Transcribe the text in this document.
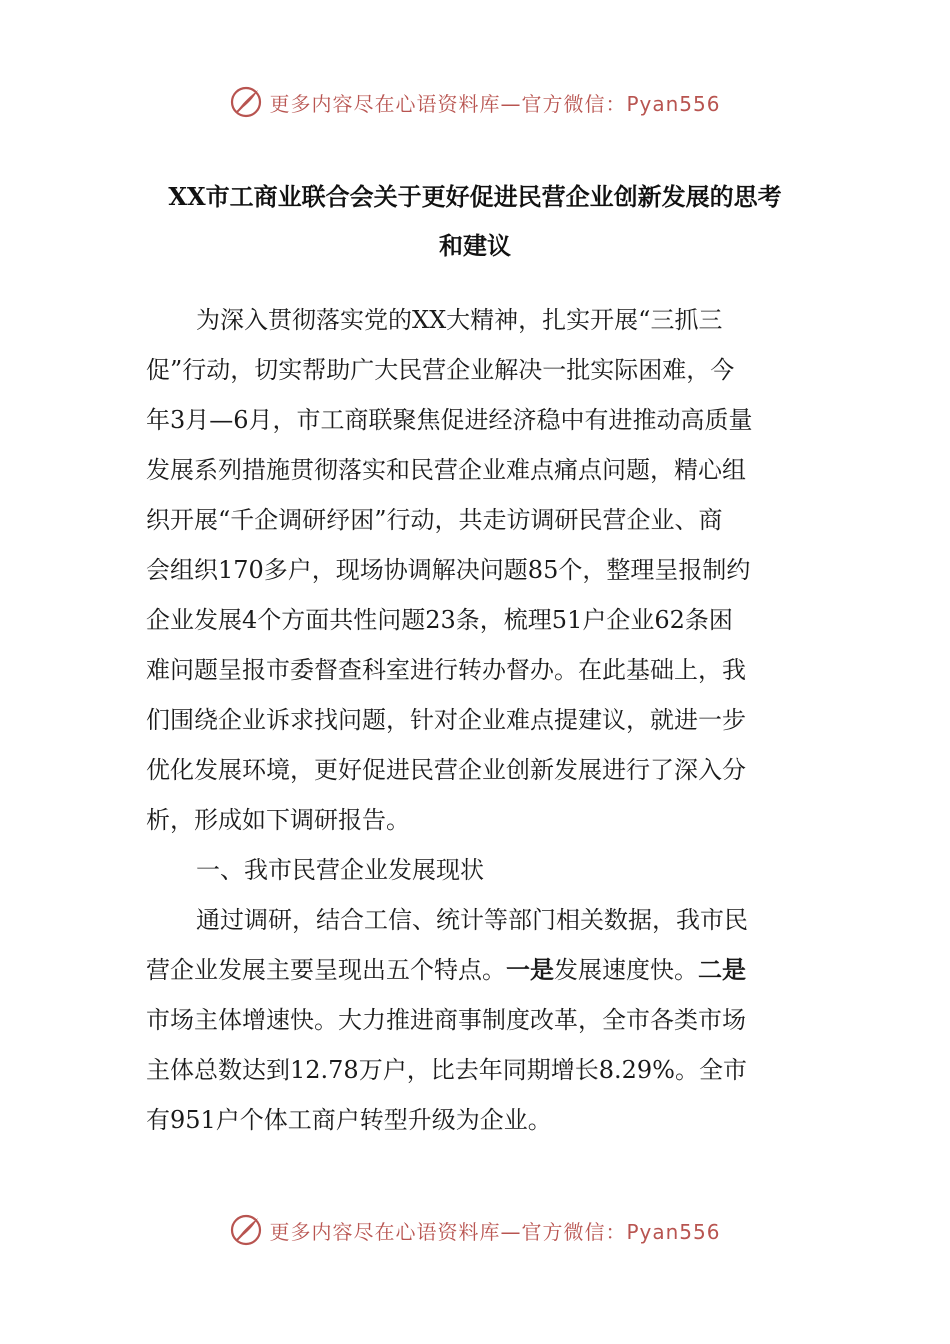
更多内容尽在心语资料库—官方微信：Pyan556
XX市工商业联合会关于更好促进民营企业创新发展的思考
和建议
为深入贯彻落实党的XX大精神，扎实开展“三抓三
促”行动，切实帮助广大民营企业解决一批实际困难，今
年3月—6月，市工商联聚焦促进经济稳中有进推动高质量
发展系列措施贯彻落实和民营企业难点痛点问题，精心组
织开展“千企调研纾困”行动，共走访调研民营企业、商
会组织170多户，现场协调解决问题85个，整理呈报制约
企业发展4个方面共性问题23条，梳理51户企业62条困
难问题呈报市委督查科室进行转办督办。在此基础上，我
们围绕企业诉求找问题，针对企业难点提建议，就进一步
优化发展环境，更好促进民营企业创新发展进行了深入分
析，形成如下调研报告。
一、我市民营企业发展现状
通过调研，结合工信、统计等部门相关数据，我市民
营企业发展主要呈现出五个特点。一是发展速度快。二是
市场主体增速快。大力推进商事制度改革，全市各类市场
主体总数达到12.78万户，比去年同期增长8.29%。全市
有951户个体工商户转型升级为企业。
更多内容尽在心语资料库—官方微信：Pyan556
